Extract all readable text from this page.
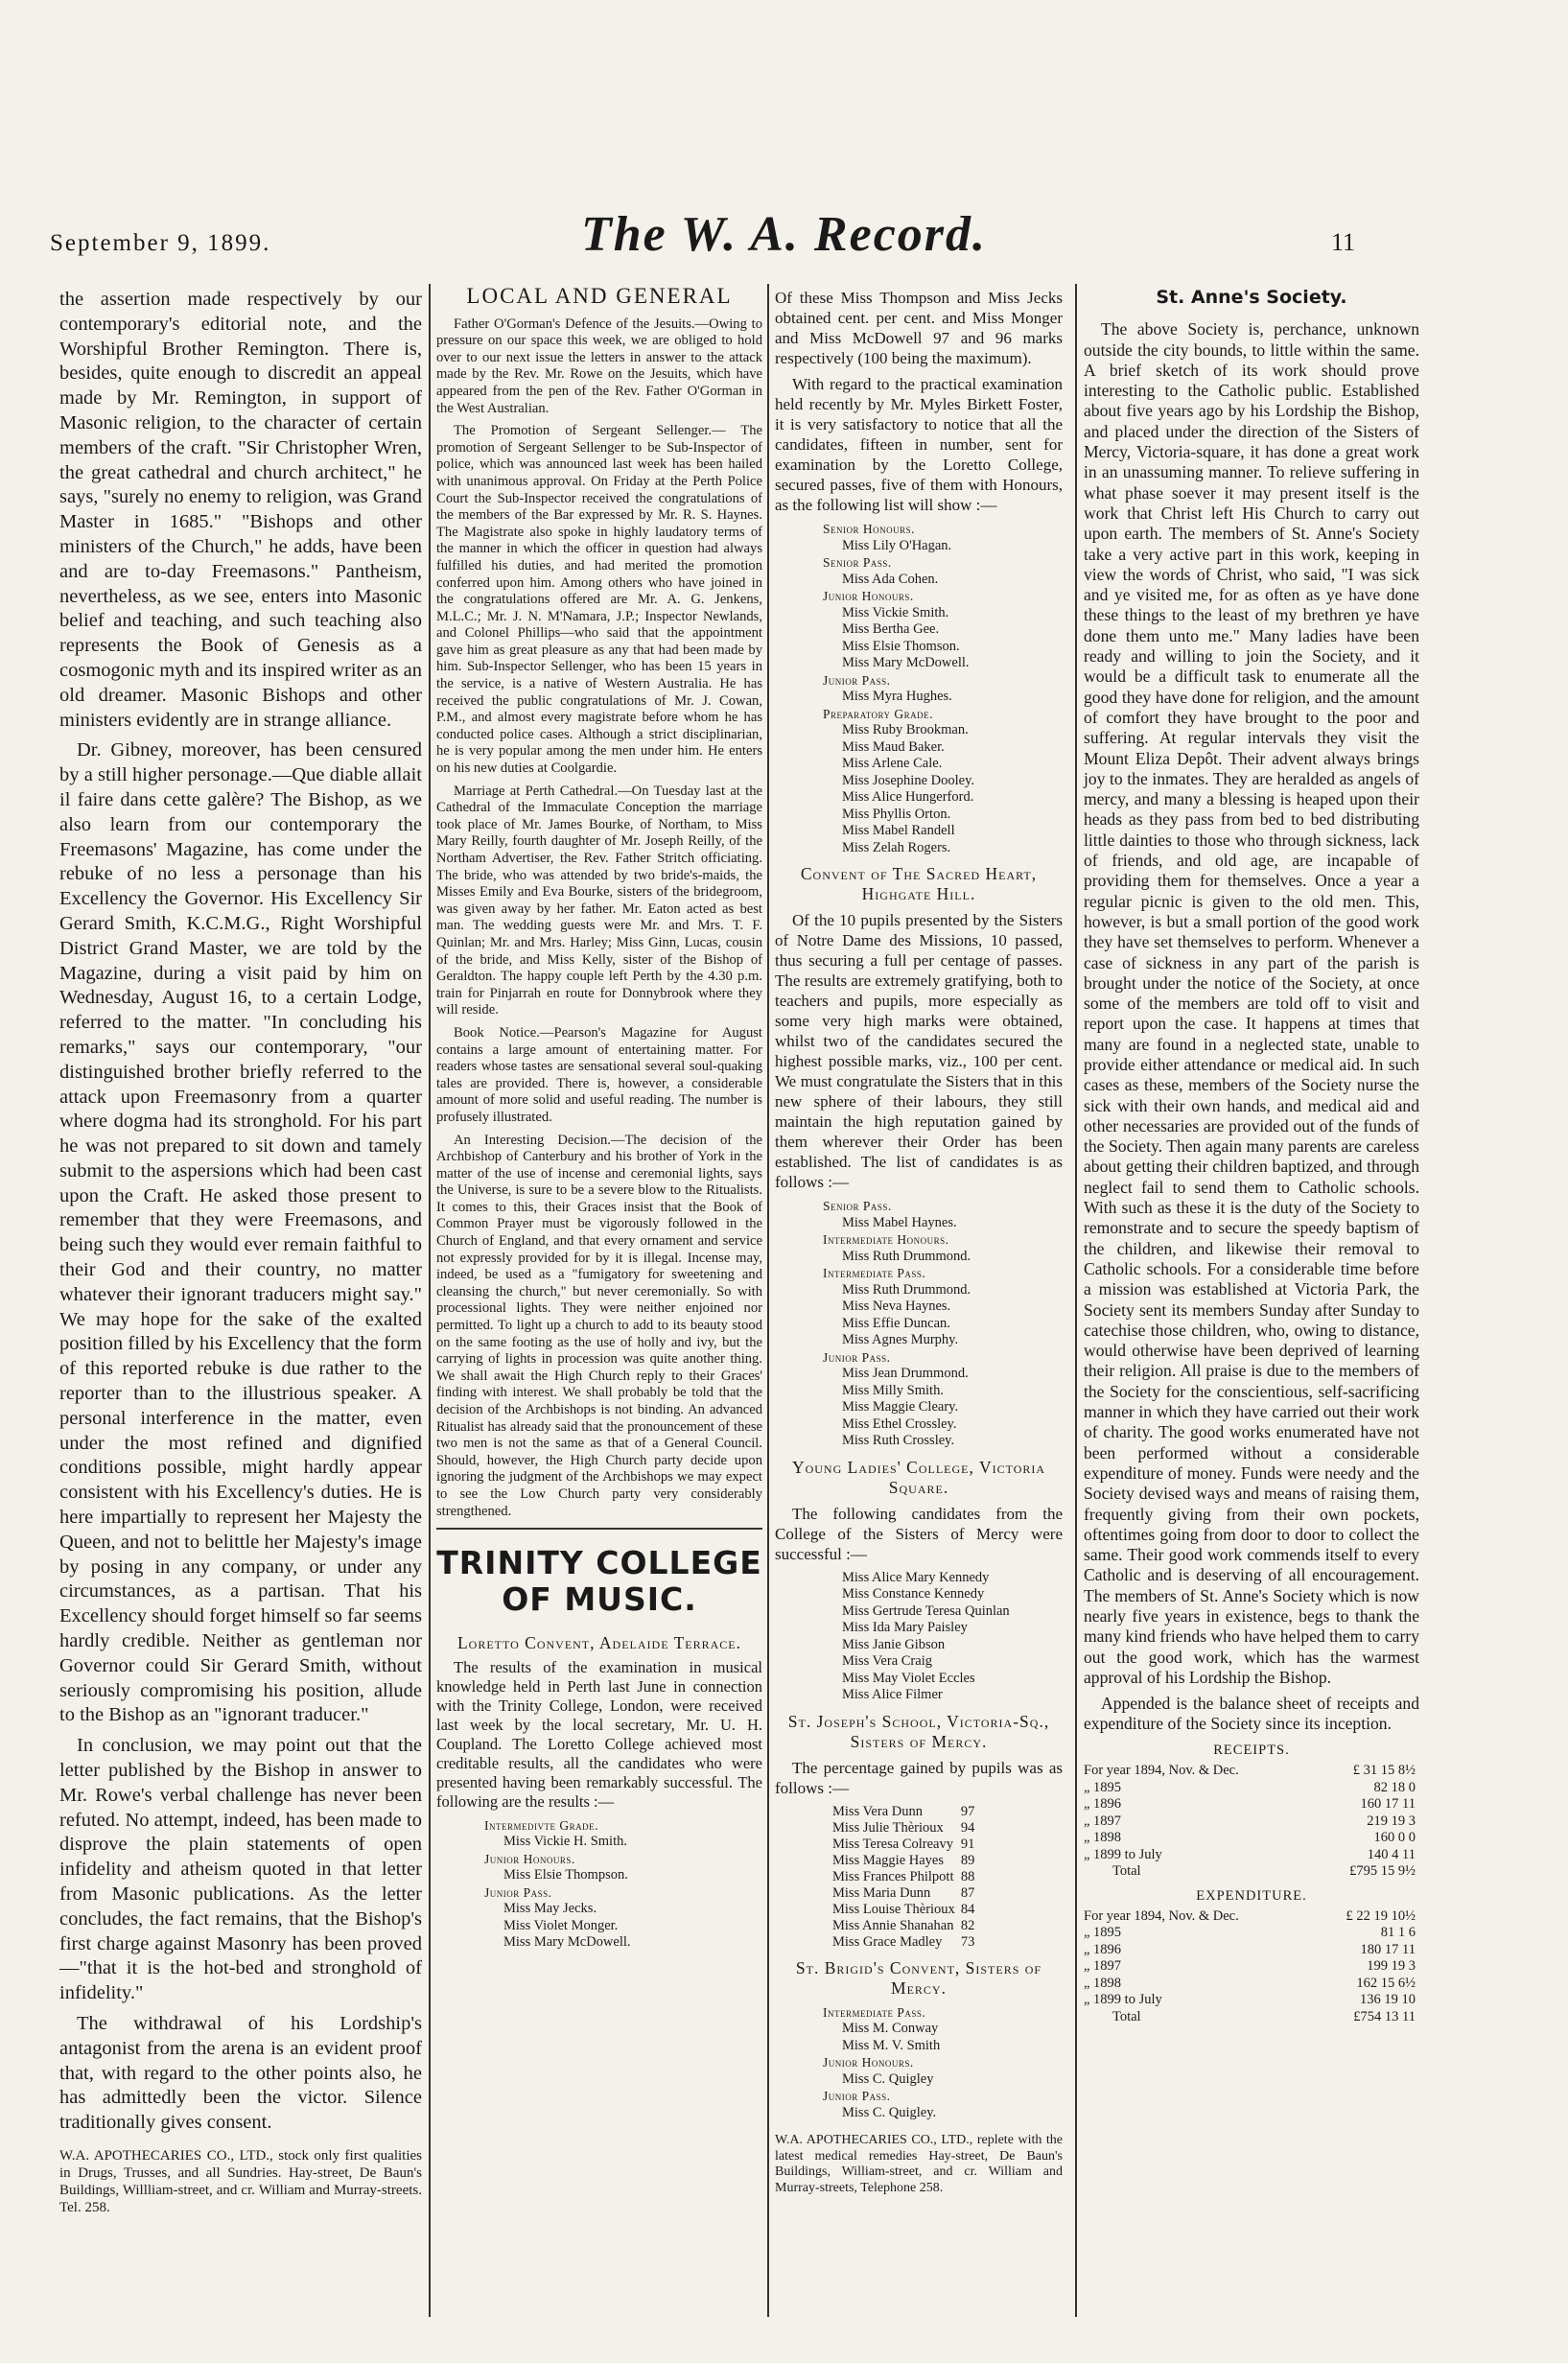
September 9, 1899.	The W. A. Record.	11

the assertion made respectively by our contemporary's editorial note, and the Worshipful Brother Remington. There is, besides, quite enough to discredit an appeal made by Mr. Remington, in support of Masonic religion, to the character of certain members of the craft. "Sir Christopher Wren, the great cathedral and church architect," he says, "surely no enemy to religion, was Grand Master in 1685." "Bishops and other ministers of the Church," he adds, have been and are to-day Freemasons." Pantheism, nevertheless, as we see, enters into Masonic belief and teaching, and such teaching also represents the Book of Genesis as a cosmogonic myth and its inspired writer as an old dreamer. Masonic Bishops and other ministers evidently are in strange alliance.

Dr. Gibney, moreover, has been censured by a still higher personage.—Que diable allait il faire dans cette galère? The Bishop, as we also learn from our contemporary the Freemasons' Magazine, has come under the rebuke of no less a personage than his Excellency the Governor. His Excellency Sir Gerard Smith, K.C.M.G., Right Worshipful District Grand Master, we are told by the Magazine, during a visit paid by him on Wednesday, August 16, to a certain Lodge, referred to the matter. "In concluding his remarks," says our contemporary, "our distinguished brother briefly referred to the attack upon Freemasonry from a quarter where dogma had its stronghold. For his part he was not prepared to sit down and tamely submit to the aspersions which had been cast upon the Craft. He asked those present to remember that they were Freemasons, and being such they would ever remain faithful to their God and their country, no matter whatever their ignorant traducers might say." We may hope for the sake of the exalted position filled by his Excellency that the form of this reported rebuke is due rather to the reporter than to the illustrious speaker. A personal interference in the matter, even under the most refined and dignified conditions possible, might hardly appear consistent with his Excellency's duties. He is here impartially to represent her Majesty the Queen, and not to belittle her Majesty's image by posing in any company, or under any circumstances, as a partisan. That his Excellency should forget himself so far seems hardly credible. Neither as gentleman nor Governor could Sir Gerard Smith, without seriously compromising his position, allude to the Bishop as an "ignorant traducer."

In conclusion, we may point out that the letter published by the Bishop in answer to Mr. Rowe's verbal challenge has never been refuted. No attempt, indeed, has been made to disprove the plain statements of open infidelity and atheism quoted in that letter from Masonic publications. As the letter concludes, the fact remains, that the Bishop's first charge against Masonry has been proved—"that it is the hot-bed and stronghold of infidelity."

The withdrawal of his Lordship's antagonist from the arena is an evident proof that, with regard to the other points also, he has admittedly been the victor. Silence traditionally gives consent.

W.A. APOTHECARIES CO., LTD., stock only first qualities in Drugs, Trusses, and all Sundries. Hay-street, De Baun's Buildings, Willliam-street, and cr. William and Murray-streets. Tel. 258.
LOCAL AND GENERAL

Father O'Gorman's Defence of the Jesuits.—Owing to pressure on our space this week, we are obliged to hold over to our next issue the letters in answer to the attack made by the Rev. Mr. Rowe on the Jesuits, which have appeared from the pen of the Rev. Father O'Gorman in the West Australian.

The Promotion of Sergeant Sellenger.— The promotion of Sergeant Sellenger to be Sub-Inspector of police, which was announced last week has been hailed with unanimous approval. On Friday at the Perth Police Court the Sub-Inspector received the congratulations of the members of the Bar expressed by Mr. R. S. Haynes. The Magistrate also spoke in highly laudatory terms of the manner in which the officer in question had always fulfilled his duties, and had merited the promotion conferred upon him. Among others who have joined in the congratulations offered are Mr. A. G. Jenkens, M.L.C.; Mr. J. N. M'Namara, J.P.; Inspector Newlands, and Colonel Phillips—who said that the appointment gave him as great pleasure as any that had been made by him. Sub-Inspector Sellenger, who has been 15 years in the service, is a native of Western Australia. He has received the public congratulations of Mr. J. Cowan, P.M., and almost every magistrate before whom he has conducted police cases. Although a strict disciplinarian, he is very popular among the men under him. He enters on his new duties at Coolgardie.

Marriage at Perth Cathedral.—On Tuesday last at the Cathedral of the Immaculate Conception the marriage took place of Mr. James Bourke, of Northam, to Miss Mary Reilly, fourth daughter of Mr. Joseph Reilly, of the Northam Advertiser, the Rev. Father Stritch officiating. The bride, who was attended by two bride's-maids, the Misses Emily and Eva Bourke, sisters of the bridegroom, was given away by her father. Mr. Eaton acted as best man. The wedding guests were Mr. and Mrs. T. F. Quinlan; Mr. and Mrs. Harley; Miss Ginn, Lucas, cousin of the bride, and Miss Kelly, sister of the Bishop of Geraldton. The happy couple left Perth by the 4.30 p.m. train for Pinjarrah en route for Donnybrook where they will reside.

Book Notice.—Pearson's Magazine for August contains a large amount of entertaining matter. For readers whose tastes are sensational several soul-quaking tales are provided. There is, however, a considerable amount of more solid and useful reading. The number is profusely illustrated.

An Interesting Decision.—The decision of the Archbishop of Canterbury and his brother of York in the matter of the use of incense and ceremonial lights, says the Universe, is sure to be a severe blow to the Ritualists. It comes to this, their Graces insist that the Book of Common Prayer must be vigorously followed in the Church of England, and that every ornament and service not expressly provided for by it is illegal. Incense may, indeed, be used as a "fumigatory for sweetening and cleansing the church," but never ceremonially. So with processional lights. They were neither enjoined nor permitted. To light up a church to add to its beauty stood on the same footing as the use of holly and ivy, but the carrying of lights in procession was quite another thing. We shall await the High Church reply to their Graces' finding with interest. We shall probably be told that the decision of the Archbishops is not binding. An advanced Ritualist has already said that the pronouncement of these two men is not the same as that of a General Council. Should, however, the High Church party decide upon ignoring the judgment of the Archbishops we may expect to see the Low Church party very considerably strengthened.

TRINITY COLLEGE OF MUSIC.
Loretto Convent, Adelaide Terrace.

The results of the examination in musical knowledge held in Perth last June in connection with the Trinity College, London, were received last week by the local secretary, Mr. U. H. Coupland. The Loretto College achieved most creditable results, all the candidates who were presented having been remarkably successful. The following are the results :—

Intermedivte Grade.
Miss Vickie H. Smith.
Junior Honours.
Miss Elsie Thompson.
Junior Pass.
Miss May Jecks.
Miss Violet Monger.
Miss Mary McDowell.

Of these Miss Thompson and Miss Jecks obtained cent. per cent. and Miss Monger and Miss McDowell 97 and 96 marks respectively (100 being the maximum).

With regard to the practical examination held recently by Mr. Myles Birkett Foster, it is very satisfactory to notice that all the candidates, fifteen in number, sent for examination by the Loretto College, secured passes, five of them with Honours, as the following list will show :—

Senior Honours.
Miss Lily O'Hagan.
Senior Pass.
Miss Ada Cohen.
Junior Honours.
Miss Vickie Smith.
Miss Bertha Gee.
Miss Elsie Thomson.
Miss Mary McDowell.
Junior Pass.
Miss Myra Hughes.
Preparatory Grade.
Miss Ruby Brookman.
Miss Maud Baker.
Miss Arlene Cale.
Miss Josephine Dooley.
Miss Alice Hungerford.
Miss Phyllis Orton.
Miss Mabel Randell
Miss Zelah Rogers.
Convent of The Sacred Heart, Highgate Hill.

Of the 10 pupils presented by the Sisters of Notre Dame des Missions, 10 passed, thus securing a full per centage of passes. The results are extremely gratifying, both to teachers and pupils, more especially as some very high marks were obtained, whilst two of the candidates secured the highest possible marks, viz., 100 per cent. We must congratulate the Sisters that in this new sphere of their labours, they still maintain the high reputation gained by them wherever their Order has been established. The list of candidates is as follows :—

Senior Pass.
Miss Mabel Haynes.
Intermediate Honours.
Miss Ruth Drummond.
Intermediate Pass.
Miss Ruth Drummond.
Miss Neva Haynes.
Miss Effie Duncan.
Miss Agnes Murphy.
Junior Pass.
Miss Jean Drummond.
Miss Milly Smith.
Miss Maggie Cleary.
Miss Ethel Crossley.
Miss Ruth Crossley.
Young Ladies' College, Victoria Square.

The following candidates from the College of the Sisters of Mercy were successful :—

Miss Alice Mary Kennedy
Miss Constance Kennedy
Miss Gertrude Teresa Quinlan
Miss Ida Mary Paisley
Miss Janie Gibson
Miss Vera Craig
Miss May Violet Eccles
Miss Alice Filmer
St. Joseph's School, Victoria-Sq., Sisters of Mercy.

The percentage gained by pupils was as follows :—

Miss Vera Dunn	97
Miss Julie Thèrioux	94
Miss Teresa Colreavy	91
Miss Maggie Hayes	89
Miss Frances Philpott	88
Miss Maria Dunn	87
Miss Louise Thèrioux	84
Miss Annie Shanahan	82
Miss Grace Madley	73
St. Brigid's Convent, Sisters of Mercy.
Intermediate Pass.
Miss M. Conway
Miss M. V. Smith
Junior Honours.
Miss C. Quigley
Junior Pass.
Miss C. Quigley.
W.A. APOTHECARIES CO., LTD., replete with the latest medical remedies Hay-street, De Baun's Buildings, William-street, and cr. William and Murray-streets, Telephone 258.
St. Anne's Society.

The above Society is, perchance, unknown outside the city bounds, to little within the same. A brief sketch of its work should prove interesting to the Catholic public. Established about five years ago by his Lordship the Bishop, and placed under the direction of the Sisters of Mercy, Victoria-square, it has done a great work in an unassuming manner. To relieve suffering in what phase soever it may present itself is the work that Christ left His Church to carry out upon earth. The members of St. Anne's Society take a very active part in this work, keeping in view the words of Christ, who said, "I was sick and ye visited me, for as often as ye have done these things to the least of my brethren ye have done them unto me." Many ladies have been ready and willing to join the Society, and it would be a difficult task to enumerate all the good they have done for religion, and the amount of comfort they have brought to the poor and suffering. At regular intervals they visit the Mount Eliza Depôt. Their advent always brings joy to the inmates. They are heralded as angels of mercy, and many a blessing is heaped upon their heads as they pass from bed to bed distributing little dainties to those who through sickness, lack of friends, and old age, are incapable of providing them for themselves. Once a year a regular picnic is given to the old men. This, however, is but a small portion of the good work they have set themselves to perform. Whenever a case of sickness in any part of the parish is brought under the notice of the Society, at once some of the members are told off to visit and report upon the case. It happens at times that many are found in a neglected state, unable to provide either attendance or medical aid. In such cases as these, members of the Society nurse the sick with their own hands, and medical aid and other necessaries are provided out of the funds of the Society. Then again many parents are careless about getting their children baptized, and through neglect fail to send them to Catholic schools. With such as these it is the duty of the Society to remonstrate and to secure the speedy baptism of the children, and likewise their removal to Catholic schools. For a considerable time before a mission was established at Victoria Park, the Society sent its members Sunday after Sunday to catechise those children, who, owing to distance, would otherwise have been deprived of learning their religion. All praise is due to the members of the Society for the conscientious, self-sacrificing manner in which they have carried out their work of charity. The good works enumerated have not been performed without a considerable expenditure of money. Funds were needy and the Society devised ways and means of raising them, frequently giving from their own pockets, oftentimes going from door to door to collect the same. Their good work commends itself to every Catholic and is deserving of all encouragement. The members of St. Anne's Society which is now nearly five years in existence, begs to thank the many kind friends who have helped them to carry out the good work, which has the warmest approval of his Lordship the Bishop.

Appended is the balance sheet of receipts and expenditure of the Society since its inception.

RECEIPTS.
For year 1894, Nov. & Dec.	£ 31 15 8½
„ 1895	82 18 0
„ 1896	160 17 11
„ 1897	219 19 3
„ 1898	160 0 0
„ 1899 to July	140 4 11
Total	£795 15 9½
EXPENDITURE.
For year 1894, Nov. & Dec.	£ 22 19 10½
„ 1895	81 1 6
„ 1896	180 17 11
„ 1897	199 19 3
„ 1898	162 15 6½
„ 1899 to July	136 19 10
Total	£754 13 11
